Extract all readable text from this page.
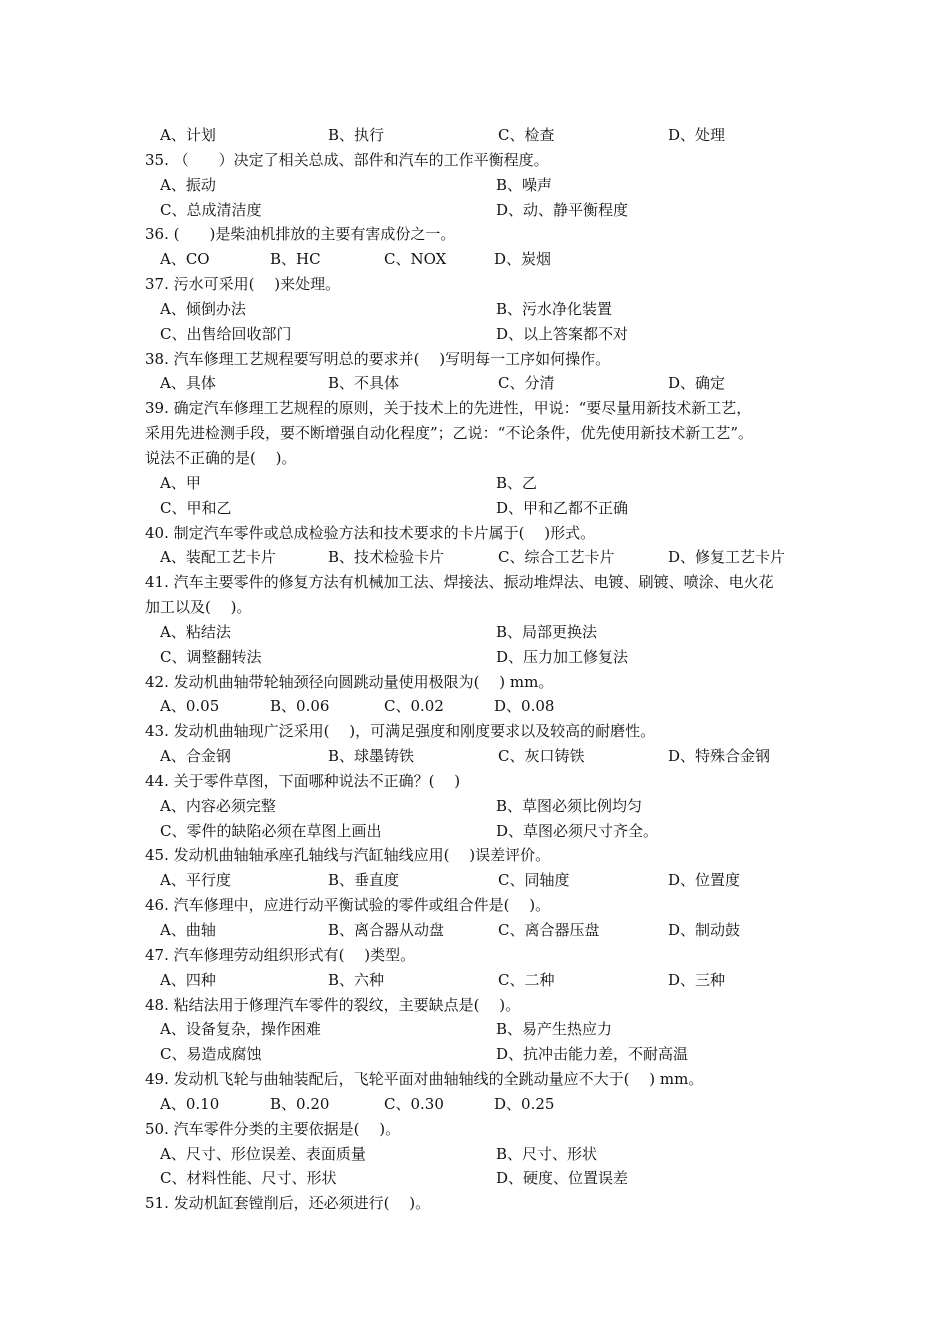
A、计划	B、执行	C、检查	D、处理
35. （　　）决定了相关总成、部件和汽车的工作平衡程度。
A、振动	B、噪声
C、总成清洁度	D、动、静平衡程度
36. (　　)是柴油机排放的主要有害成份之一。
A、CO	B、HC	C、NOX	D、炭烟
37. 污水可采用(　 )来处理。
A、倾倒办法	B、污水净化装置
C、出售给回收部门	D、以上答案都不对
38. 汽车修理工艺规程要写明总的要求并(　 )写明每一工序如何操作。
A、具体	B、不具体	C、分清	D、确定
39. 确定汽车修理工艺规程的原则，关于技术上的先进性，甲说：“要尽量用新技术新工艺，
采用先进检测手段，要不断增强自动化程度”；乙说：“不论条件，优先使用新技术新工艺”。
说法不正确的是(　 )。
A、甲	B、乙
C、甲和乙	D、甲和乙都不正确
40. 制定汽车零件或总成检验方法和技术要求的卡片属于(　 )形式。
A、装配工艺卡片	B、技术检验卡片	C、综合工艺卡片	D、修复工艺卡片
41. 汽车主要零件的修复方法有机械加工法、焊接法、振动堆焊法、电镀、刷镀、喷涂、电火花
加工以及(　 )。
A、粘结法	B、局部更换法
C、调整翻转法	D、压力加工修复法
42. 发动机曲轴带轮轴颈径向圆跳动量使用极限为(　 ) mm。
A、0.05	B、0.06	C、0.02	D、0.08
43. 发动机曲轴现广泛采用(　 )，可满足强度和刚度要求以及较高的耐磨性。
A、合金钢	B、球墨铸铁	C、灰口铸铁	D、特殊合金钢
44. 关于零件草图，下面哪种说法不正确？(　 )
A、内容必须完整	B、草图必须比例均匀
C、零件的缺陷必须在草图上画出	D、草图必须尺寸齐全。
45. 发动机曲轴轴承座孔轴线与汽缸轴线应用(　 )误差评价。
A、平行度	B、垂直度	C、同轴度	D、位置度
46. 汽车修理中，应进行动平衡试验的零件或组合件是(　 )。
A、曲轴	B、离合器从动盘	C、离合器压盘	D、制动鼓
47. 汽车修理劳动组织形式有(　 )类型。
A、四种	B、六种	C、二种	D、三种
48. 粘结法用于修理汽车零件的裂纹，主要缺点是(　 )。
A、设备复杂，操作困难	B、易产生热应力
C、易造成腐蚀	D、抗冲击能力差，不耐高温
49. 发动机飞轮与曲轴装配后，飞轮平面对曲轴轴线的全跳动量应不大于(　 ) mm。
A、0.10	B、0.20	C、0.30	D、0.25
50. 汽车零件分类的主要依据是(　 )。
A、尺寸、形位误差、表面质量	B、尺寸、形状
C、材料性能、尺寸、形状	D、硬度、位置误差
51. 发动机缸套镗削后，还必须进行(　 )。
